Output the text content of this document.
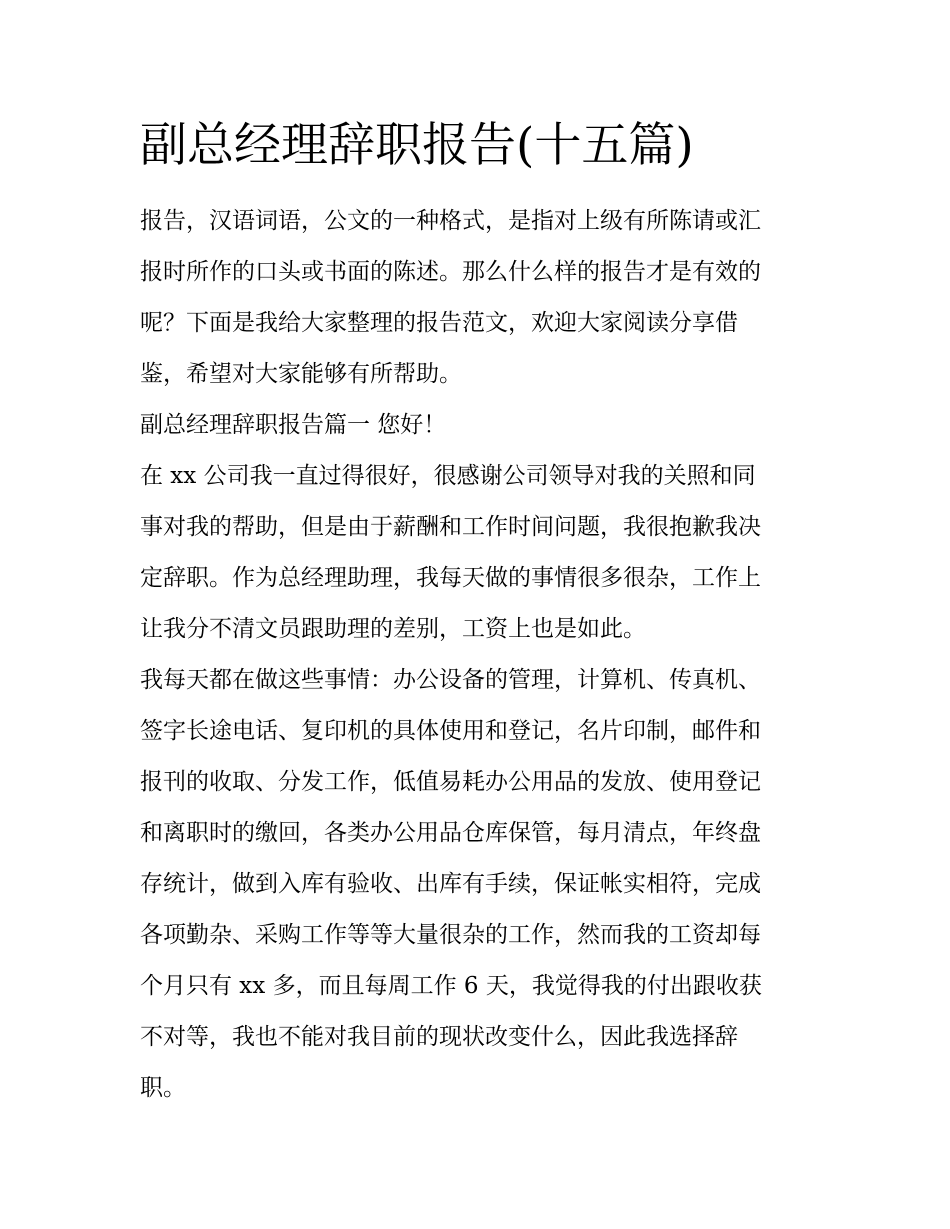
副总经理辞职报告(十五篇)
报告，汉语词语，公文的一种格式，是指对上级有所陈请或汇
报时所作的口头或书面的陈述。那么什么样的报告才是有效的
呢？下面是我给大家整理的报告范文，欢迎大家阅读分享借
鉴，希望对大家能够有所帮助。
副总经理辞职报告篇一 您好！
在 xx 公司我一直过得很好，很感谢公司领导对我的关照和同
事对我的帮助，但是由于薪酬和工作时间问题，我很抱歉我决
定辞职。作为总经理助理，我每天做的事情很多很杂，工作上
让我分不清文员跟助理的差别，工资上也是如此。
我每天都在做这些事情：办公设备的管理，计算机、传真机、
签字长途电话、复印机的具体使用和登记，名片印制，邮件和
报刊的收取、分发工作，低值易耗办公用品的发放、使用登记
和离职时的缴回，各类办公用品仓库保管，每月清点，年终盘
存统计，做到入库有验收、出库有手续，保证帐实相符，完成
各项勤杂、采购工作等等大量很杂的工作，然而我的工资却每
个月只有 xx 多，而且每周工作 6 天，我觉得我的付出跟收获
不对等，我也不能对我目前的现状改变什么，因此我选择辞
职。
